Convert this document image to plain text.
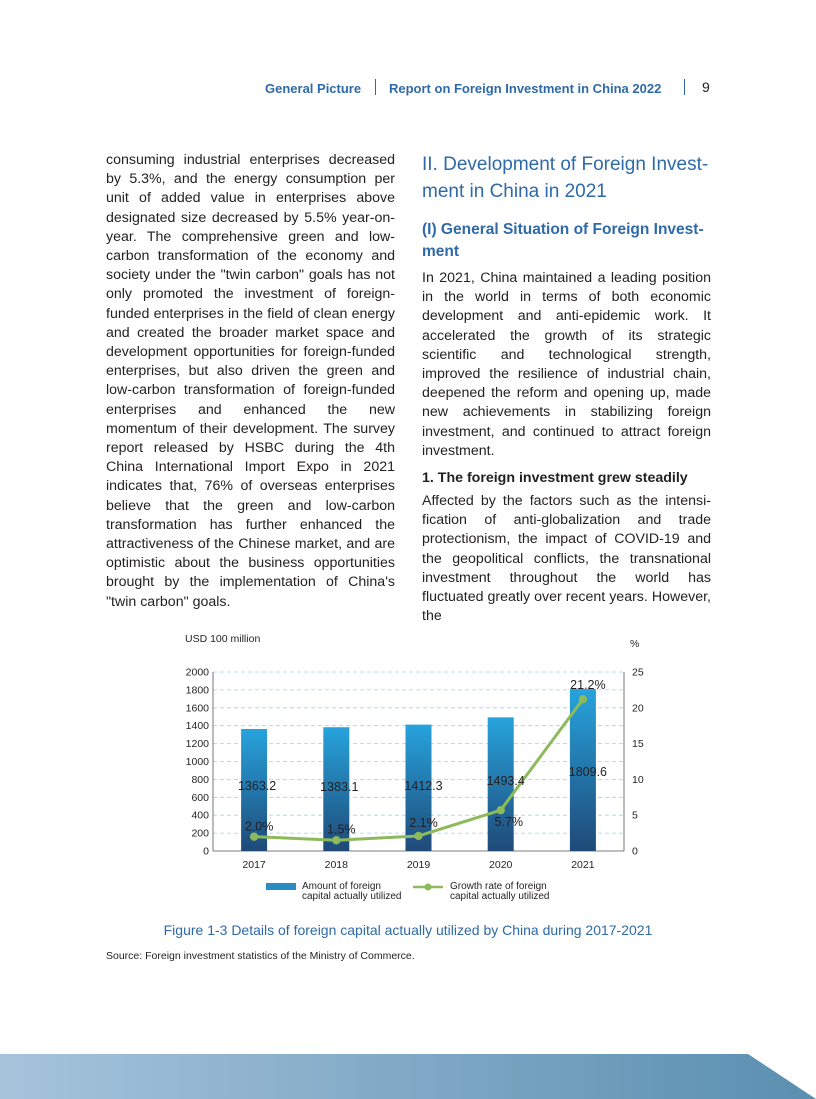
General Picture Report on Foreign Investment in China 2022	9

consuming industrial enterprises decreased by 5.3%, and the energy consumption per unit of added value in enterprises above designated size decreased by 5.5% year-on-year. The comprehensive green and low-carbon transformation of the economy and society under the "twin carbon" goals has not only promoted the investment of foreign-funded enterprises in the field of clean energy and created the broader market space and development opportunities for foreign-funded enterprises, but also driven the green and low-carbon transformation of foreign-funded enterprises and enhanced the new momentum of their development. The survey report released by HSBC during the 4th China International Import Expo in 2021 indicates that, 76% of overseas enterprises believe that the green and low-carbon transformation has further enhanced the attractiveness of the Chinese market, and are optimistic about the business opportunities brought by the implementation of China's "twin carbon" goals.

II. Development of Foreign Invest-ment in China in 2021
(I) General Situation of Foreign Invest-ment

In 2021, China maintained a leading position in the world in terms of both economic development and anti-epidemic work. It accelerated the growth of its strategic scientific and technological strength, improved the resilience of industrial chain, deepened the reform and opening up, made new achievements in stabilizing foreign investment, and continued to attract foreign investment.

1. The foreign investment grew steadily

Affected by the factors such as the intensi-fication of anti-globalization and trade protectionism, the impact of COVID-19 and the geopolitical conflicts, the transnational investment throughout the world has fluctuated greatly over recent years. However, the

0
200
400
600
800
1000
1200
1400
1600
1800
2000
0
5
10
15
20
25
USD 100 million	%
2017	2018	2019	2020	2021
1363.2	1383.1	1412.3	1493.4
1809.6
2.0%	1.5%	2.1%	5.7%
21.2%
Amount of foreign
capital actually utilized
Growth rate of foreign
capital actually utilized
Figure 1-3 Details of foreign capital actually utilized by China during 2017-2021
Source: Foreign investment statistics of the Ministry of Commerce.
